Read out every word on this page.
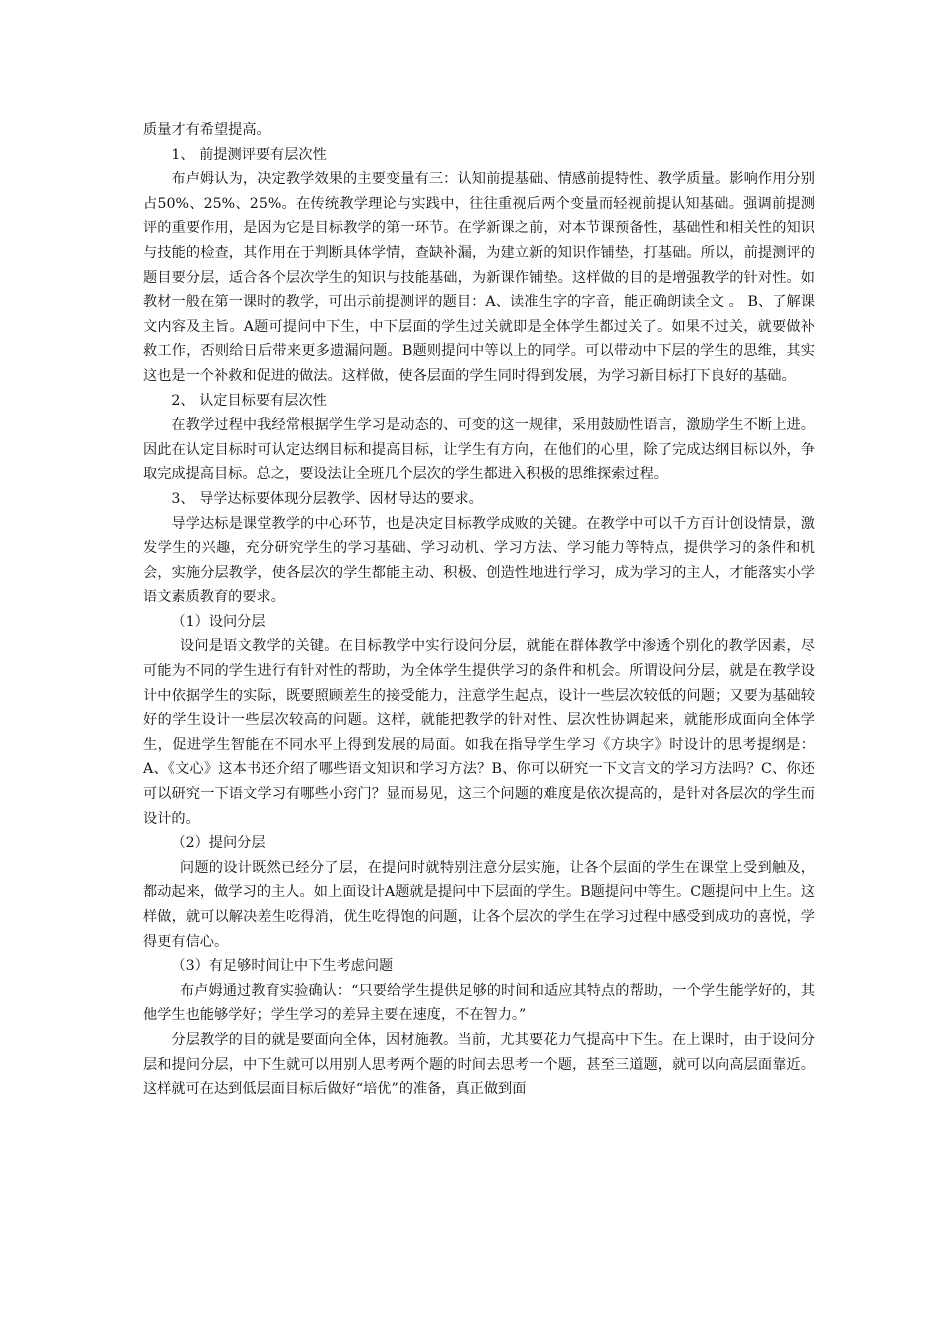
质量才有希望提高。

1、 前提测评要有层次性

布卢姆认为，决定教学效果的主要变量有三：认知前提基础、情感前提特性、教学质量。影响作用分别占50%、25%、25%。在传统教学理论与实践中，往往重视后两个变量而轻视前提认知基础。强调前提测评的重要作用，是因为它是目标教学的第一环节。在学新课之前，对本节课预备性，基础性和相关性的知识与技能的检查，其作用在于判断具体学情，查缺补漏，为建立新的知识作铺垫，打基础。所以，前提测评的题目要分层，适合各个层次学生的知识与技能基础，为新课作铺垫。这样做的目的是增强教学的针对性。如教材一般在第一课时的教学，可出示前提测评的题目：A、读准生字的字音，能正确朗读全文 。 B、了解课文内容及主旨。A题可提问中下生，中下层面的学生过关就即是全体学生都过关了。如果不过关，就要做补救工作，否则给日后带来更多遗漏问题。B题则提问中等以上的同学。可以带动中下层的学生的思维，其实这也是一个补救和促进的做法。这样做，使各层面的学生同时得到发展，为学习新目标打下良好的基础。

2、 认定目标要有层次性

在教学过程中我经常根据学生学习是动态的、可变的这一规律，采用鼓励性语言，激励学生不断上进。因此在认定目标时可认定达纲目标和提高目标，让学生有方向，在他们的心里，除了完成达纲目标以外，争取完成提高目标。总之，要设法让全班几个层次的学生都进入积极的思维探索过程。

3、 导学达标要体现分层教学、因材导达的要求。

导学达标是课堂教学的中心环节，也是决定目标教学成败的关键。在教学中可以千方百计创设情景，激发学生的兴趣，充分研究学生的学习基础、学习动机、学习方法、学习能力等特点，提供学习的条件和机会，实施分层教学，使各层次的学生都能主动、积极、创造性地进行学习，成为学习的主人，才能落实小学语文素质教育的要求。

（1）设问分层

设问是语文教学的关键。在目标教学中实行设问分层，就能在群体教学中渗透个别化的教学因素，尽可能为不同的学生进行有针对性的帮助，为全体学生提供学习的条件和机会。所谓设问分层，就是在教学设计中依据学生的实际，既要照顾差生的接受能力，注意学生起点，设计一些层次较低的问题；又要为基础较好的学生设计一些层次较高的问题。这样，就能把教学的针对性、层次性协调起来，就能形成面向全体学生，促进学生智能在不同水平上得到发展的局面。如我在指导学生学习《方块字》时设计的思考提纲是：A、《文心》这本书还介绍了哪些语文知识和学习方法？B、你可以研究一下文言文的学习方法吗？C、你还可以研究一下语文学习有哪些小窍门？显而易见，这三个问题的难度是依次提高的，是针对各层次的学生而设计的。

（2）提问分层

问题的设计既然已经分了层，在提问时就特别注意分层实施，让各个层面的学生在课堂上受到触及，都动起来，做学习的主人。如上面设计A题就是提问中下层面的学生。B题提问中等生。C题提问中上生。这样做，就可以解决差生吃得消，优生吃得饱的问题，让各个层次的学生在学习过程中感受到成功的喜悦，学得更有信心。

（3）有足够时间让中下生考虑问题

布卢姆通过教育实验确认：“只要给学生提供足够的时间和适应其特点的帮助，一个学生能学好的，其他学生也能够学好；学生学习的差异主要在速度，不在智力。”

分层教学的目的就是要面向全体，因材施教。当前，尤其要花力气提高中下生。在上课时，由于设问分层和提问分层，中下生就可以用别人思考两个题的时间去思考一个题，甚至三道题，就可以向高层面靠近。这样就可在达到低层面目标后做好“培优”的准备，真正做到面
